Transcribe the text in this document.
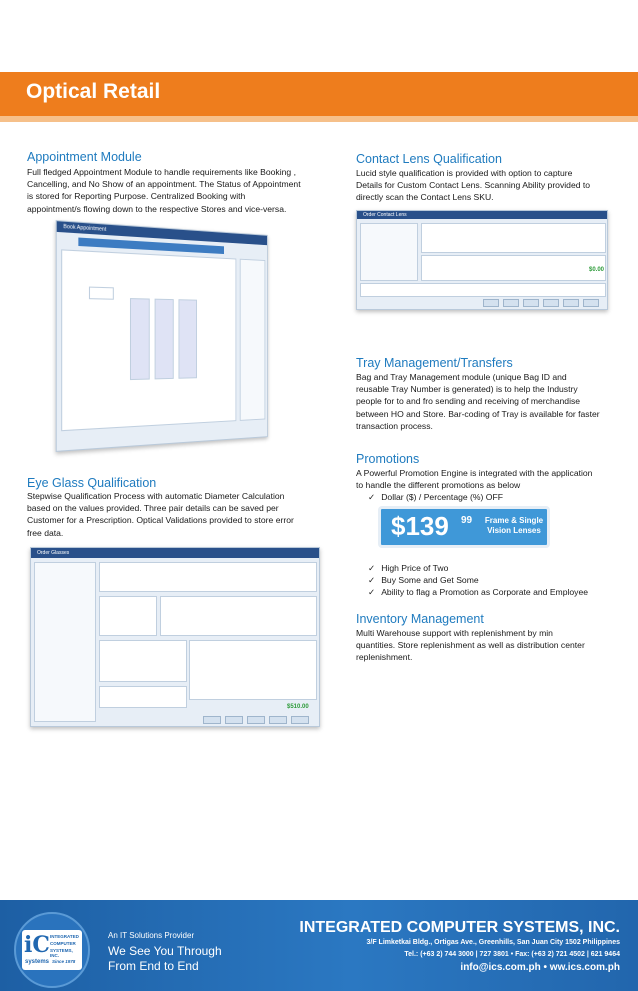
Optical Retail
Appointment Module

Full fledged Appointment Module to handle requirements like Booking ,

Cancelling, and No Show of an appointment. The Status of Appointment

is stored for Reporting Purpose. Centralized Booking with

appointment/s flowing down to the respective Stores and vice-versa.

Book Appointment
Eye Glass Qualification

Stepwise Qualification Process with automatic Diameter Calculation

based on the values provided. Three pair details can be saved per

Customer for a Prescription. Optical Validations provided to store error

free data.

Order Glasses
$510.00
Contact Lens Qualification

Lucid style qualification is provided with option to capture

Details for Custom Contact Lens. Scanning Ability provided to

directly scan the Contact Lens SKU.

Order Contact Lens
$0.00
Tray Management/Transfers

Bag and Tray Management module (unique Bag ID and

reusable Tray Number is generated) is to help the Industry

people for to and fro sending and receiving of merchandise

between HO and Store. Bar-coding of Tray is available for faster

transaction process.

Promotions

A Powerful Promotion Engine is integrated with the application

to handle the different promotions as below

✓ Dollar ($) / Percentage (%) OFF
$139 99	Frame & Single Vision Lenses
✓ High Price of Two
✓ Buy Some and Get Some
✓ Ability to flag a Promotion as Corporate and Employee
Inventory Management

Multi Warehouse support with replenishment by min

quantities. Store replenishment as well as distribution center

replenishment.

iC INTEGRATED
COMPUTER
SYSTEMS, INC.
systems Since 1978
An IT Solutions Provider
We See You Through
From End to End
INTEGRATED COMPUTER SYSTEMS, INC.
3/F Limketkai Bldg., Ortigas Ave., Greenhills, San Juan City 1502 Philippines
Tel.: (+63 2) 744 3000 | 727 3801 • Fax: (+63 2) 721 4502 | 621 9464
info@ics.com.ph • ww.ics.com.ph
